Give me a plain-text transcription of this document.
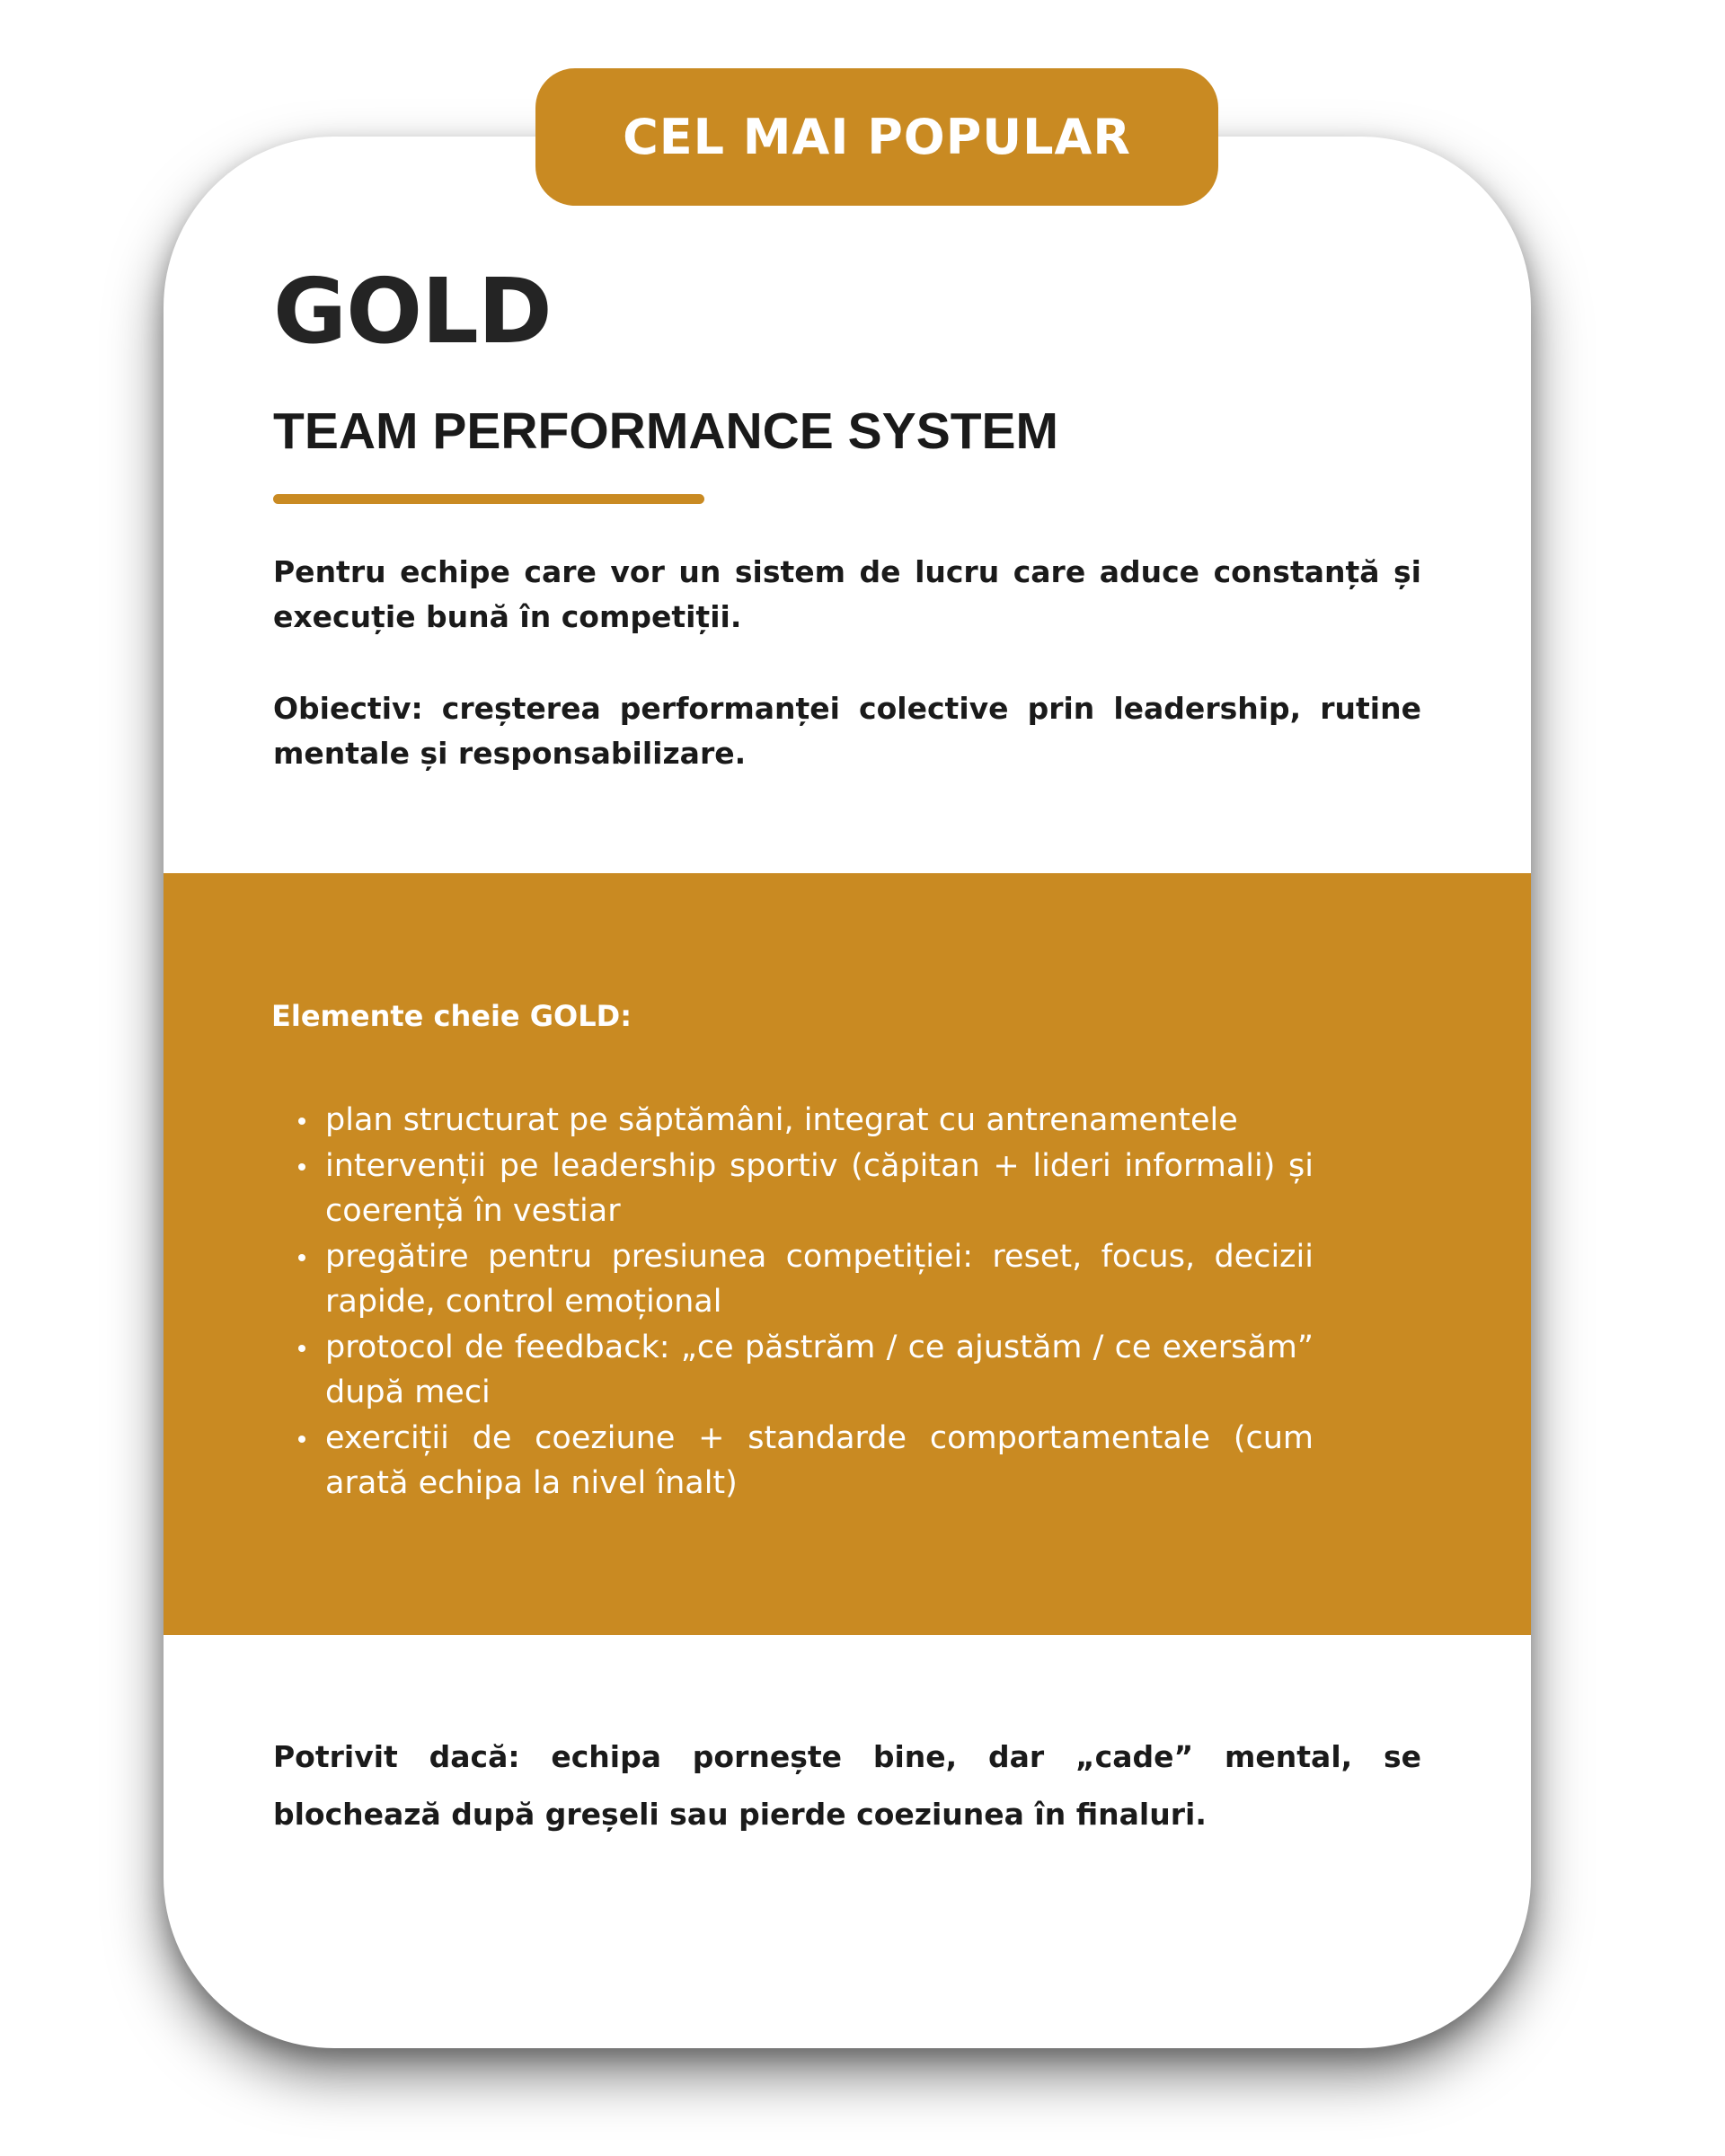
GOLD
TEAM PERFORMANCE SYSTEM

Pentru echipe care vor un sistem de lucru care aduce constanță și execuție bună în competiții.

Obiectiv: creșterea performanței colective prin leadership, rutine mentale și responsabilizare.

Elemente cheie GOLD:
plan structurat pe săptămâni, integrat cu antrenamentele
intervenții pe leadership sportiv (căpitan + lideri informali) și coerență în vestiar
pregătire pentru presiunea competiției: reset, focus, decizii rapide, control emoțional
protocol de feedback: „ce păstrăm / ce ajustăm / ce exersăm” după meci
exerciții de coeziune + standarde comportamentale (cum arată echipa la nivel înalt)

Potrivit dacă: echipa pornește bine, dar „cade” mental, se blochează după greșeli sau pierde coeziunea în finaluri.

CEL MAI POPULAR
